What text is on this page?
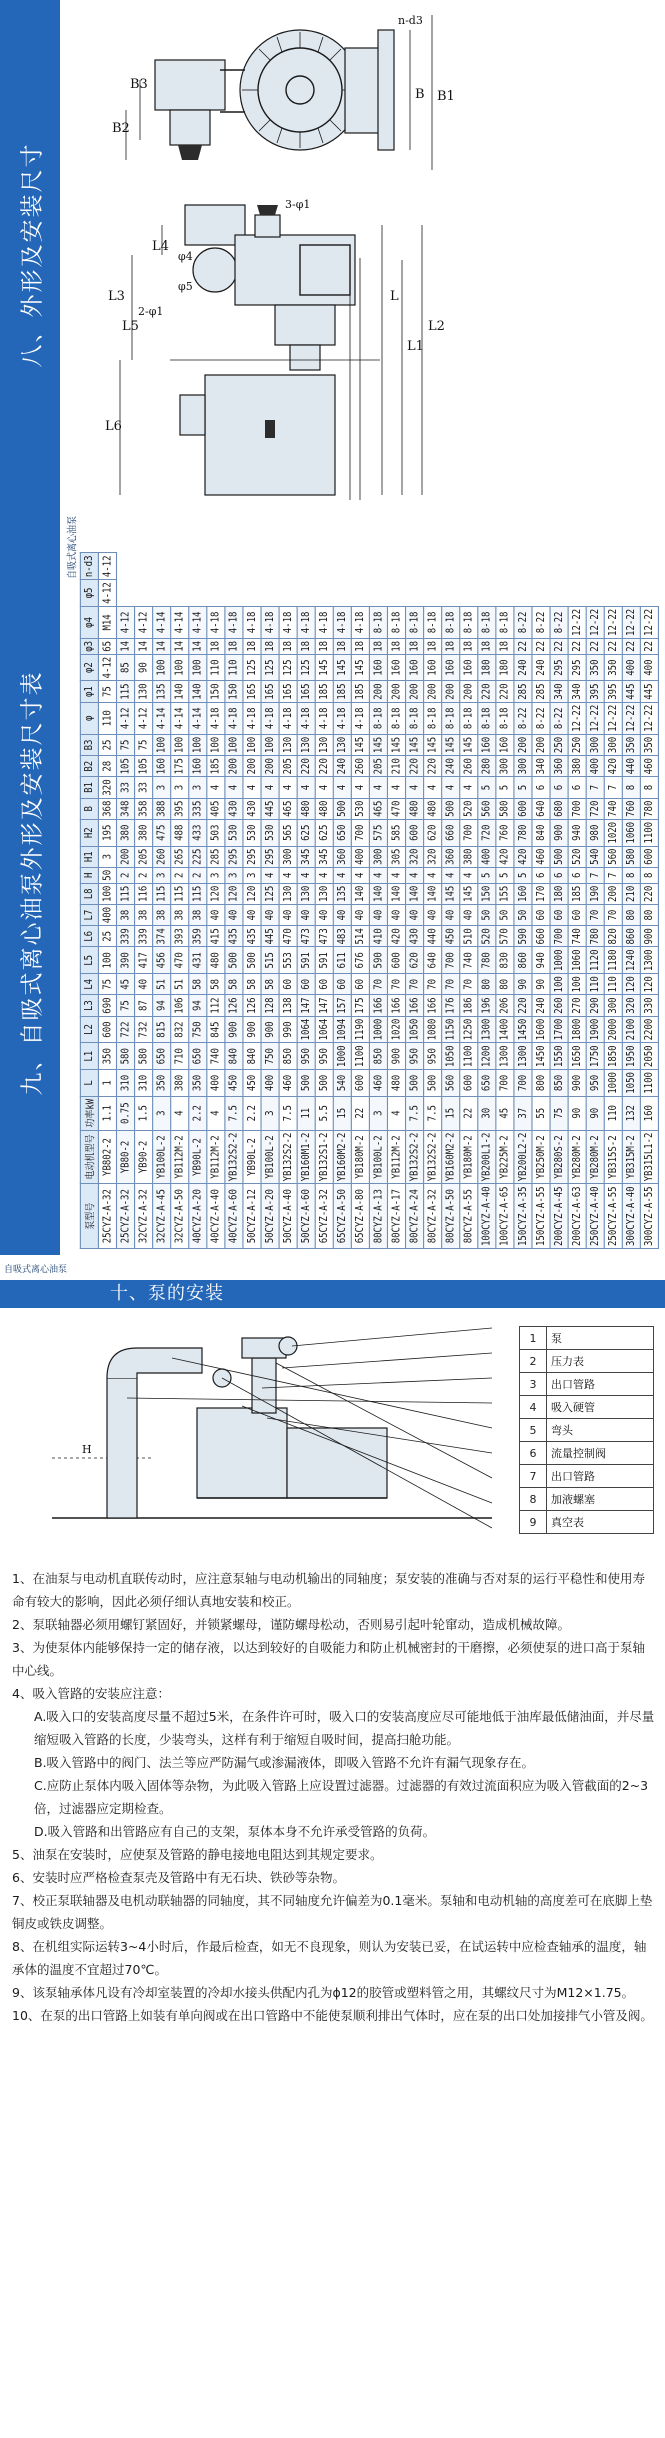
八、外形及安装尺寸
B3
B B1
B2
n-d3
L3
L5
L4
L
L1
L2
L6
φ4
φ5
2-φ1
3-φ1
九、自吸式离心油泵外形及安装尺寸表
自吸式离心油泵
泵型号	电动机型号	功率kW	L	L1	L2	L3	L4	L5	L6	L7	L8	H	H1	H2	B	B1	B2	B3	φ	φ1	φ2	φ3	φ4	φ5	n-d3
25CYZ-A-32	YB802-2	1.1	1	350	600	690	75	100	25	400	100	50	3	195	368	320	28	25	110	75	4-12	65	M14	4-12	4-12
25CYZ-A-32	YB80-2	0.75	310	580	722	75	45	390	339	38	115	2	200	380	348	33	105	75	4-12	115	85	14	4-12		
32CYZ-A-32	YB90-2	1.5	310	580	732	87	40	417	339	38	116	2	205	380	358	33	105	75	4-12	130	90	14	4-12		
32CYZ-A-45	YB100L-2	3	350	650	815	94	51	456	374	38	115	3	260	475	388	3	160	100	4-14	135	100	14	4-14		
32CYZ-A-50	YB112M-2	4	380	710	832	106	51	470	393	38	115	2	265	488	395	3	175	100	4-14	140	100	14	4-14		
40CYZ-A-20	YB90L-2	2.2	350	650	750	94	58	431	359	38	115	2	225	433	335	3	160	100	4-14	140	100	14	4-14		
40CYZ-A-40	YB112M-2	4	400	740	845	112	58	480	415	40	120	3	285	503	405	4	185	100	4-18	150	110	18	4-18		
40CYZ-A-60	YB132S2-2	7.5	450	840	900	126	58	500	435	40	120	3	295	530	430	4	200	100	4-18	150	110	18	4-18		
50CYZ-A-12	YB90L-2	2.2	450	840	900	126	58	500	435	40	120	3	295	530	430	4	200	100	4-18	165	125	18	4-18		
50CYZ-A-20	YB100L-2	3	400	750	900	128	58	515	445	40	125	4	295	530	445	4	200	100	4-18	165	125	18	4-18		
50CYZ-A-40	YB132S2-2	7.5	460	850	990	138	60	553	470	40	130	4	300	565	465	4	205	130	4-18	165	125	18	4-18		
50CYZ-A-60	YB160M1-2	11	500	950	1064	147	60	591	473	40	130	4	345	625	480	4	220	130	4-18	165	125	18	4-18		
65CYZ-A-32	YB132S1-2	5.5	500	950	1064	147	60	591	473	40	130	4	345	625	480	4	220	130	4-18	185	145	18	4-18		
65CYZ-A-50	YB160M2-2	15	540	1000	1094	157	60	611	483	40	135	4	360	650	500	4	240	130	4-18	185	145	18	4-18		
65CYZ-A-80	YB180M-2	22	600	1100	1190	175	60	676	514	40	140	4	400	700	530	4	260	145	4-18	185	145	18	4-18		
80CYZ-A-13	YB100L-2	3	460	850	1000	166	70	590	410	40	140	4	300	575	465	4	205	145	8-18	200	160	18	8-18		
80CYZ-A-17	YB112M-2	4	480	900	1020	166	70	600	420	40	140	4	305	585	470	4	210	145	8-18	200	160	18	8-18		
80CYZ-A-24	YB132S2-2	7.5	500	950	1050	166	70	620	430	40	140	4	320	600	480	4	220	145	8-18	200	160	18	8-18		
80CYZ-A-32	YB132S2-2	7.5	500	950	1080	166	70	640	440	40	140	4	320	620	480	4	220	145	8-18	200	160	18	8-18		
80CYZ-A-50	YB160M2-2	15	560	1050	1150	176	70	700	450	40	145	4	360	660	500	4	240	145	8-18	200	160	18	8-18		
80CYZ-A-55	YB180M-2	22	600	1100	1250	186	70	740	510	40	145	4	380	700	520	4	260	145	8-18	200	160	18	8-18		
100CYZ-A-40	YB200L1-2	30	650	1200	1300	196	80	780	520	50	150	5	400	720	560	5	280	160	8-18	220	180	18	8-18		
100CYZ-A-65	YB225M-2	45	700	1300	1400	206	80	830	570	50	155	5	420	760	580	5	300	160	8-18	220	180	18	8-18		
150CYZ-A-35	YB200L2-2	37	700	1300	1450	220	90	860	590	50	160	5	420	780	600	5	300	200	8-22	285	240	22	8-22		
150CYZ-A-55	YB250M-2	55	800	1450	1600	240	90	940	660	60	170	6	460	840	640	6	340	200	8-22	285	240	22	8-22		
200CYZ-A-45	YB280S-2	75	850	1550	1700	260	100	1000	700	60	180	6	500	900	680	6	360	250	8-22	340	295	22	8-22		
200CYZ-A-63	YB280M-2	90	900	1650	1800	270	100	1060	740	60	185	6	520	940	700	6	380	250	12-22	340	295	22	12-22		
250CYZ-A-40	YB280M-2	90	950	1750	1900	290	110	1120	780	70	190	7	540	980	720	7	400	300	12-22	395	350	22	12-22		
250CYZ-A-55	YB315S-2	110	1000	1850	2000	300	110	1180	820	70	200	7	560	1020	740	7	420	300	12-22	395	350	22	12-22		
300CYZ-A-40	YB315M-2	132	1050	1950	2100	320	120	1240	860	80	210	8	580	1060	760	8	440	350	12-22	445	400	22	12-22		
300CYZ-A-55	YB315L1-2	160	1100	2050	2200	330	120	1300	900	80	220	8	600	1100	780	8	460	350	12-22	445	400	22	12-22		
自吸式离心油泵
十、泵的安装
H
1	泵
2	压力表
3	出口管路
4	吸入硬管
5	弯头
6	流量控制阀
7	出口管路
8	加液螺塞
9	真空表

1、在油泵与电动机直联传动时，应注意泵轴与电动机输出的同轴度；泵安装的准确与否对泵的运行平稳性和使用寿命有较大的影响，因此必须仔细认真地安装和校正。

2、泵联轴器必须用螺钉紧固好，并锁紧螺母，谨防螺母松动，否则易引起叶轮窜动，造成机械故障。

3、为使泵体内能够保持一定的储存液，以达到较好的自吸能力和防止机械密封的干磨擦，必须使泵的进口高于泵轴中心线。

4、吸入管路的安装应注意：

A.吸入口的安装高度尽量不超过5米，在条件许可时，吸入口的安装高度应尽可能地低于油库最低储油面，并尽量缩短吸入管路的长度，少装弯头，这样有利于缩短自吸时间，提高扫舱功能。

B.吸入管路中的阀门、法兰等应严防漏气或渗漏液体，即吸入管路不允许有漏气现象存在。

C.应防止泵体内吸入固体等杂物，为此吸入管路上应设置过滤器。过滤器的有效过流面积应为吸入管截面的2~3倍，过滤器应定期检查。

D.吸入管路和出管路应有自己的支架，泵体本身不允许承受管路的负荷。

5、油泵在安装时，应使泵及管路的静电接地电阻达到其规定要求。

6、安装时应严格检查泵壳及管路中有无石块、铁砂等杂物。

7、校正泵联轴器及电机动联轴器的同轴度，其不同轴度允许偏差为0.1毫米。泵轴和电动机轴的高度差可在底脚上垫铜皮或铁皮调整。

8、在机组实际运转3~4小时后，作最后检查，如无不良现象，则认为安装已妥，在试运转中应检查轴承的温度，轴承体的温度不宜超过70℃。

9、该泵轴承体凡设有冷却室装置的冷却水接头供配内孔为ϕ12的胶管或塑料管之用，其螺纹尺寸为M12×1.75。

10、在泵的出口管路上如装有单向阀或在出口管路中不能使泵顺利排出气体时，应在泵的出口处加接排气小管及阀。
